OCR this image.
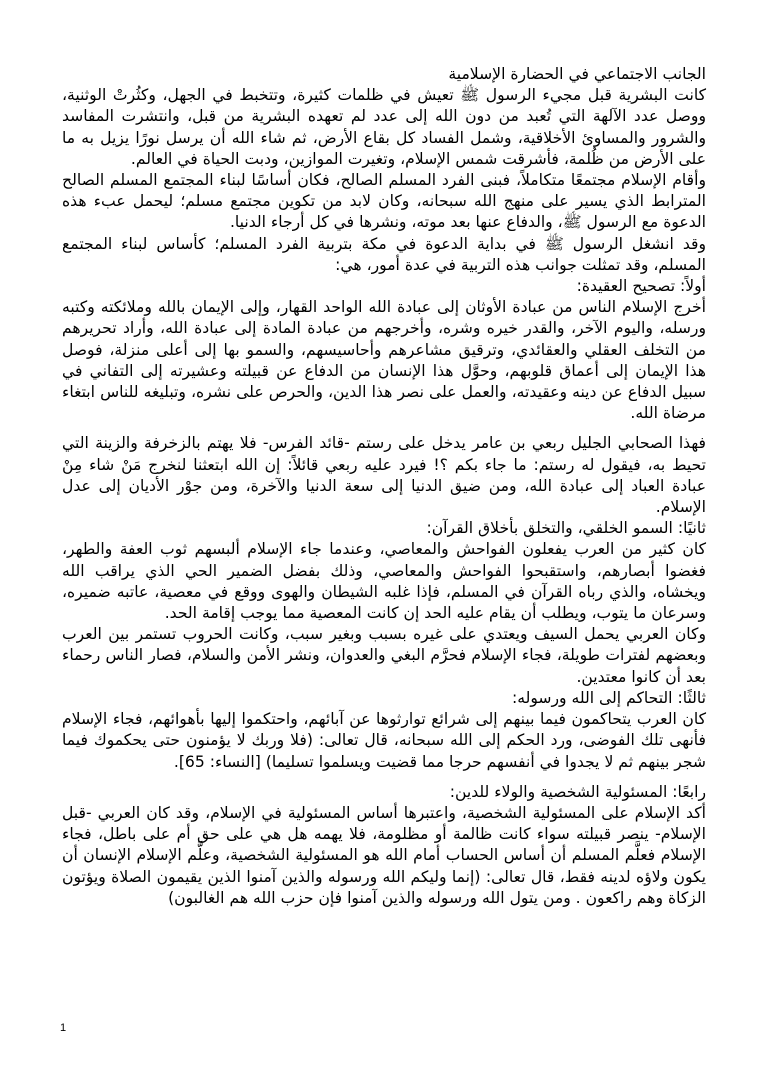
الجانب الاجتماعي في الحضارة الإسلامية

كانت البشرية قبل مجيء الرسول ﷺ تعيش في ظلمات كثيرة، وتتخبط في الجهل، وكثُرتْ الوثنية، ووصل عدد الآلهة التي تُعبد من دون الله إلى عدد لم تعهده البشرية من قبل، وانتشرت المفاسد والشرور والمساوئ الأخلاقية، وشمل الفساد كل بقاع الأرض، ثم شاء الله أن يرسل نورًا يزيل به ما على الأرض من ظُلمة، فأشرقت شمس الإسلام، وتغيرت الموازين، ودبت الحياة في العالم.

وأقام الإسلام مجتمعًا متكاملاً، فبنى الفرد المسلم الصالح، فكان أساسًا لبناء المجتمع المسلم الصالح المترابط الذي يسير على منهج الله سبحانه، وكان لابد من تكوين مجتمع مسلم؛ ليحمل عبء هذه الدعوة مع الرسول ﷺ، والدفاع عنها بعد موته، ونشرها في كل أرجاء الدنيا.

وقد انشغل الرسول ﷺ في بداية الدعوة في مكة بتربية الفرد المسلم؛ كأساس لبناء المجتمع المسلم، وقد تمثلت جوانب هذه التربية في عدة أمور، هي:

أولاً: تصحيح العقيدة:

أخرج الإسلام الناس من عبادة الأوثان إلى عبادة الله الواحد القهار، وإلى الإيمان بالله وملائكته وكتبه ورسله، واليوم الآخر، والقدر خيره وشره، وأخرجهم من عبادة المادة إلى عبادة الله، وأراد تحريرهم من التخلف العقلي والعقائدي، وترقيق مشاعرهم وأحاسيسهم، والسمو بها إلى أعلى منزلة، فوصل هذا الإيمان إلى أعماق قلوبهم، وحوَّل هذا الإنسان من الدفاع عن قبيلته وعشيرته إلى التفاني في سبيل الدفاع عن دينه وعقيدته، والعمل على نصر هذا الدين، والحرص على نشره، وتبليغه للناس ابتغاء مرضاة الله.

فهذا الصحابي الجليل ربعي بن عامر يدخل على رستم -قائد الفرس- فلا يهتم بالزخرفة والزينة التي تحيط به، فيقول له رستم: ما جاء بكم ؟! فيرد عليه ربعي قائلاً: إن الله ابتعثنا لنخرج مَنْ شاء مِنْ عبادة العباد إلى عبادة الله، ومن ضيق الدنيا إلى سعة الدنيا والآخرة، ومن جوْر الأديان إلى عدل الإسلام.

ثانيًا: السمو الخلقي، والتخلق بأخلاق القرآن:

كان كثير من العرب يفعلون الفواحش والمعاصي، وعندما جاء الإسلام ألبسهم ثوب العفة والطهر، فغضوا أبصارهم، واستقبحوا الفواحش والمعاصي، وذلك بفضل الضمير الحي الذي يراقب الله ويخشاه، والذي رباه القرآن في المسلم، فإذا غلبه الشيطان والهوى ووقع في معصية، عاتبه ضميره، وسرعان ما يتوب، ويطلب أن يقام عليه الحد إن كانت المعصية مما يوجب إقامة الحد.

وكان العربي يحمل السيف ويعتدي على غيره بسبب وبغير سبب، وكانت الحروب تستمر بين العرب وبعضهم لفترات طويلة، فجاء الإسلام فحرَّم البغي والعدوان، ونشر الأمن والسلام، فصار الناس رحماء بعد أن كانوا معتدين.

ثالثًا: التحاكم إلى الله ورسوله:

كان العرب يتحاكمون فيما بينهم إلى شرائع توارثوها عن آبائهم، واحتكموا إليها بأهوائهم، فجاء الإسلام فأنهى تلك الفوضى، ورد الحكم إلى الله سبحانه، قال تعالى: (فلا وربك لا يؤمنون حتى يحكموك فيما شجر بينهم ثم لا يجدوا في أنفسهم حرجا مما قضيت ويسلموا تسليما) [النساء: 65].

رابعًا: المسئولية الشخصية والولاء للدين:

أكد الإسلام على المسئولية الشخصية، واعتبرها أساس المسئولية في الإسلام، وقد كان العربي -قبل الإسلام- ينصر قبيلته سواء كانت ظالمة أو مظلومة، فلا يهمه هل هي على حق أم على باطل، فجاء الإسلام فعلَّم المسلم أن أساس الحساب أمام الله هو المسئولية الشخصية، وعلَّم الإسلام الإنسان أن يكون ولاؤه لدينه فقط، قال تعالى: (إنما وليكم الله ورسوله والذين آمنوا الذين يقيمون الصلاة ويؤتون الزكاة وهم راكعون . ومن يتول الله ورسوله والذين آمنوا فإن حزب الله هم الغالبون)

1
